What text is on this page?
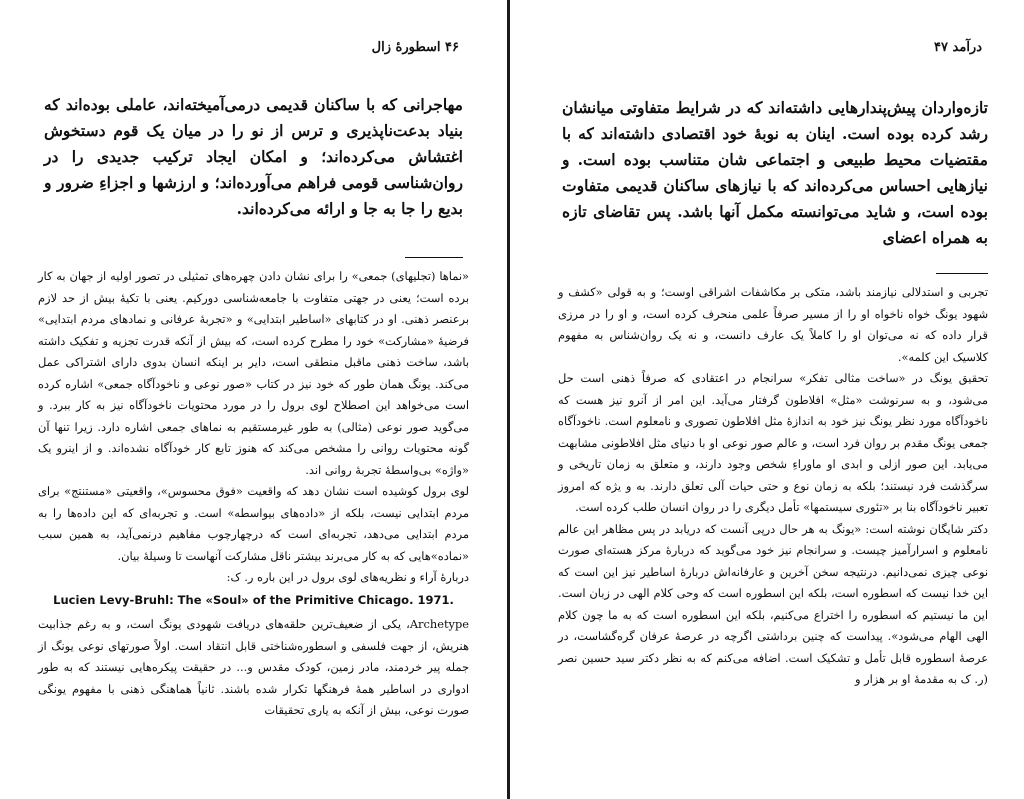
۴۶ اسطورۀ زال
مهاجرانی که با ساکنان قدیمی درمی‌آمیخته‌اند، عاملی بوده‌اند که بنیاد بدعت‌ناپذیری و ترس از نو را در میان یک قوم دستخوش اغتشاش می‌کرده‌اند؛ و امکان ایجاد ترکیب جدیدی را در روان‌شناسی قومی فراهم می‌آورده‌اند؛ و ارزشها و اجزاءِ ضرور و بدیع را جا به جا و ارائه می‌کرده‌اند.

«نماها (تجلیهای) جمعی» را برای نشان دادن چهره‌های تمثیلی در تصور اولیه از جهان به کار برده است؛ یعنی در جهتی متفاوت با جامعه‌شناسی دورکیم. یعنی با تکیهٔ بیش از حد لازم برعنصر ذهنی. او در کتابهای «اساطیر ابتدایی» و «تجربهٔ عرفانی و نمادهای مردم ابتدایی» فرضیهٔ «مشارکت» خود را مطرح کرده است، که بیش از آنکه قدرت تجزیه و تفکیک داشته باشد، ساخت ذهنی ماقبل منطقی است، دایر بر اینکه انسان بدوی دارای اشتراکی عمل می‌کند. یونگ همان طور که خود نیز در کتاب «صور نوعی و ناخودآگاه جمعی» اشاره کرده است می‌خواهد این اصطلاح لوی برول را در مورد محتویات ناخودآگاه نیز به کار ببرد. و می‌گوید صور نوعی (مثالی) به طور غیرمستقیم به نماهای جمعی اشاره دارد. زیرا تنها آن گونه محتویات روانی را مشخص می‌کند که هنوز تابع کار خودآگاه نشده‌اند. و از اینرو یک «واژه» بی‌واسطهٔ تجربهٔ روانی اند.

لوی برول کوشیده است نشان دهد که واقعیت «فوق محسوس»، واقعیتی «مستنتج» برای مردم ابتدایی نیست، بلکه از «داده‌های بیواسطه» است. و تجربه‌ای که این داده‌ها را به مردم ابتدایی می‌دهد، تجربه‌ای است که درچهارچوب مفاهیم درنمی‌آید، به همین سبب «نماده»هایی که به کار می‌برند بیشتر ناقل مشارکت آنهاست تا وسیلهٔ بیان.

دربارهٔ آراء و نظریه‌های لوی برول در این باره ر. ک:

Lucien Levy-Bruhl: The «Soul» of the Primitive Chicago. 1971.

Archetype، یکی از ضعیف‌ترین حلقه‌های دریافت شهودی یونگ است، و به رغم جذابیت هنریش، از جهت فلسفی و اسطوره‌شناختی قابل انتقاد است. اولاً صورتهای نوعی یونگ از جمله پیر خردمند، مادر زمین، کودک مقدس و... در حقیقت پیکره‌هایی نیستند که به طور ادواری در اساطیر همهٔ فرهنگها تکرار شده باشند. ثانیاً هماهنگی ذهنی با مفهوم یونگی صورت نوعی، بیش از آنکه به یاری تحقیقات

درآمد ۴۷
تازه‌واردان پیش‌پندارهایی داشته‌اند که در شرایط متفاوتی میانشان رشد کرده بوده است. اینان به نوبهٔ خود اقتصادی داشته‌اند که با مقتضیات محیط طبیعی و اجتماعی شان متناسب بوده است. و نیازهایی احساس می‌کرده‌اند که با نیازهای ساکنان قدیمی متفاوت بوده است، و شاید می‌توانسته مکمل آنها باشد. پس تقاضای تازه به همراه اعضای

تجربی و استدلالی نیازمند باشد، متکی بر مکاشفات اشراقی اوست؛ و به قولی «کشف و شهود یونگ خواه ناخواه او را از مسیر صرفاً علمی منحرف کرده است، و او را در مرزی قرار داده که نه می‌توان او را کاملاً یک عارف دانست، و نه یک روان‌شناس به مفهوم کلاسیک این کلمه».

تحقیق یونگ در «ساخت مثالی تفکر» سرانجام در اعتقادی که صرفاً ذهنی است حل می‌شود، و به سرنوشت «مثل» افلاطون گرفتار می‌آید. این امر از آنرو نیز هست که ناخودآگاه مورد نظر یونگ نیز خود به اندازهٔ مثل افلاطون تصوری و نامعلوم است. ناخودآگاه جمعی یونگ مقدم بر روان فرد است، و عالم صور نوعی او با دنیای مثل افلاطونی مشابهت می‌یابد. این صور ازلی و ابدی او ماوراءِ شخص وجود دارند، و متعلق به زمان تاریخی و سرگذشت فرد نیستند؛ بلکه به زمان نوع و حتی حیات آلی تعلق دارند. به و یژه که امروز تعبیر ناخودآگاه بنا بر «تئوری سیستمها» تأمل دیگری را در روان انسان طلب کرده است.

دکتر شایگان نوشته است: «یونگ به هر حال درپی آنست که دریابد در پس مظاهر این عالم نامعلوم و اسرارآمیز چیست. و سرانجام نیز خود می‌گوید که دربارهٔ مرکز هسته‌ای صورت نوعی چیزی نمی‌دانیم. درنتیجه سخن آخرین و عارفانه‌اش دربارهٔ اساطیر نیز این است که این خدا نیست که اسطوره است، بلکه این اسطوره است که وحی کلام الهی در زبان است. این ما نیستیم که اسطوره را اختراع می‌کنیم، بلکه این اسطوره است که به ما چون کلام الهی الهام می‌شود». پیداست که چنین برداشتی اگرچه در عرصهٔ عرفان گره‌گشاست، در عرصهٔ اسطوره قابل تأمل و تشکیک است. اضافه می‌کنم که به نظر دکتر سید حسین نصر (ر. ک به مقدمهٔ او بر هزار و
